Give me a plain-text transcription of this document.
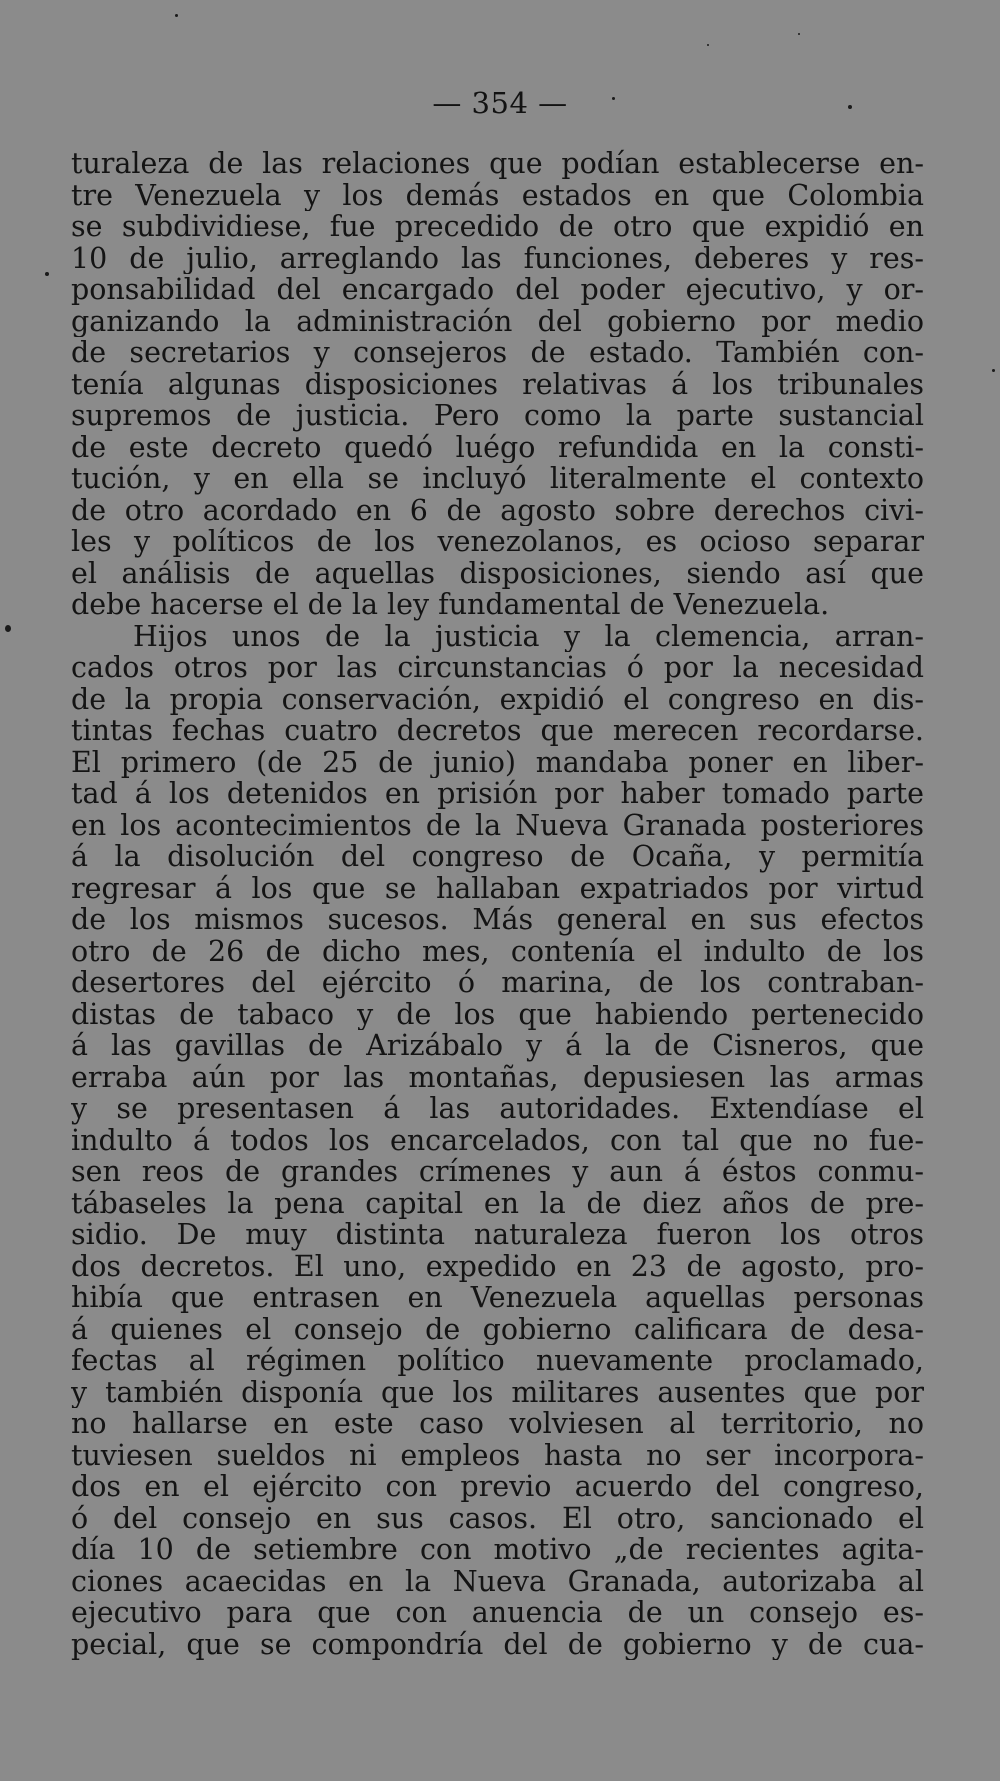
— 354 —
turaleza de las relaciones que podían establecerse en-
tre Venezuela y los demás estados en que Colombia
se subdividiese, fue precedido de otro que expidió en
10 de julio, arreglando las funciones, deberes y res-
ponsabilidad del encargado del poder ejecutivo, y or-
ganizando la administración del gobierno por medio
de secretarios y consejeros de estado. También con-
tenía algunas disposiciones relativas á los tribunales
supremos de justicia. Pero como la parte sustancial
de este decreto quedó luégo refundida en la consti-
tución, y en ella se incluyó literalmente el contexto
de otro acordado en 6 de agosto sobre derechos civi-
les y políticos de los venezolanos, es ocioso separar
el análisis de aquellas disposiciones, siendo así que
debe hacerse el de la ley fundamental de Venezuela.
Hijos unos de la justicia y la clemencia, arran-
cados otros por las circunstancias ó por la necesidad
de la propia conservación, expidió el congreso en dis-
tintas fechas cuatro decretos que merecen recordarse.
El primero (de 25 de junio) mandaba poner en liber-
tad á los detenidos en prisión por haber tomado parte
en los acontecimientos de la Nueva Granada posteriores
á la disolución del congreso de Ocaña, y permitía
regresar á los que se hallaban expatriados por virtud
de los mismos sucesos. Más general en sus efectos
otro de 26 de dicho mes, contenía el indulto de los
desertores del ejército ó marina, de los contraban-
distas de tabaco y de los que habiendo pertenecido
á las gavillas de Arizábalo y á la de Cisneros, que
erraba aún por las montañas, depusiesen las armas
y se presentasen á las autoridades. Extendíase el
indulto á todos los encarcelados, con tal que no fue-
sen reos de grandes crímenes y aun á éstos conmu-
tábaseles la pena capital en la de diez años de pre-
sidio. De muy distinta naturaleza fueron los otros
dos decretos. El uno, expedido en 23 de agosto, pro-
hibía que entrasen en Venezuela aquellas personas
á quienes el consejo de gobierno calificara de desa-
fectas al régimen político nuevamente proclamado,
y también disponía que los militares ausentes que por
no hallarse en este caso volviesen al territorio, no
tuviesen sueldos ni empleos hasta no ser incorpora-
dos en el ejército con previo acuerdo del congreso,
ó del consejo en sus casos. El otro, sancionado el
día 10 de setiembre con motivo „de recientes agita-
ciones acaecidas en la Nueva Granada, autorizaba al
ejecutivo para que con anuencia de un consejo es-
pecial, que se compondría del de gobierno y de cua-
